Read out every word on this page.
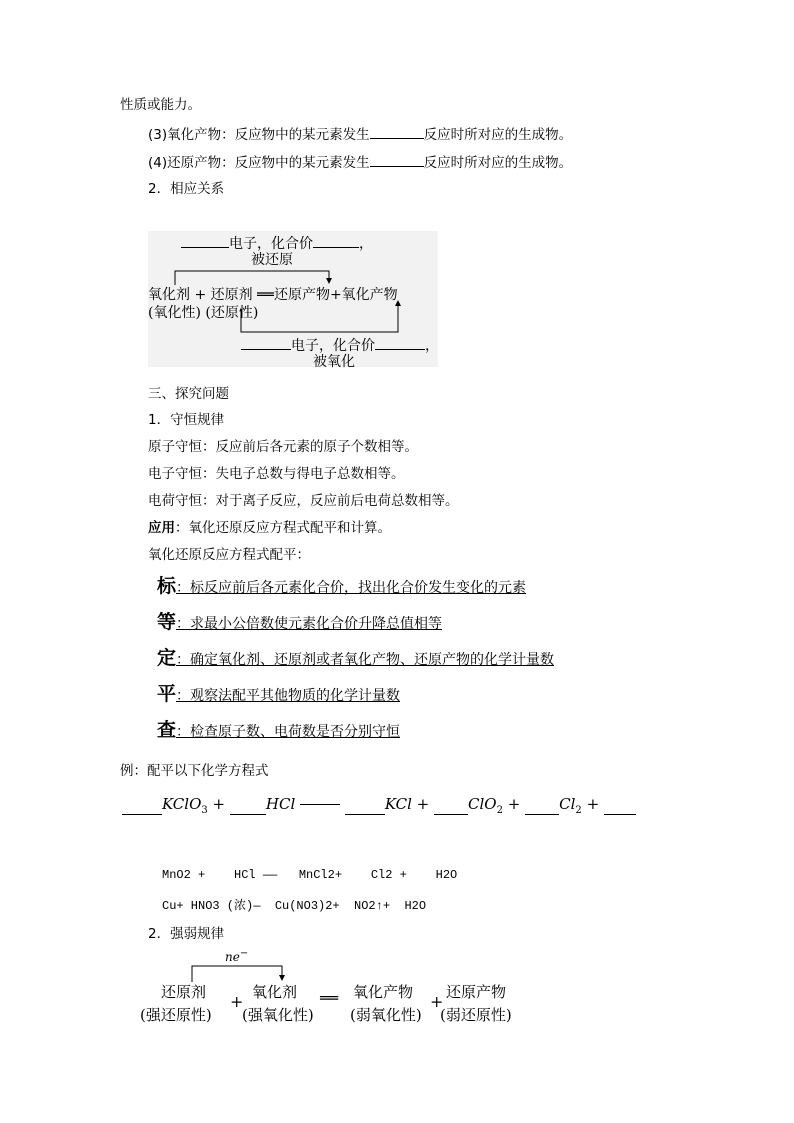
性质或能力。
(3)氧化产物：反应物中的某元素发生	反应时所对应的生成物。
(4)还原产物：反应物中的某元素发生	反应时所对应的生成物。
2．相应关系
电子，化合价	，
被还原
氧化剂 + 还原剂 ══还原产物+氧化产物
(氧化性) (还原性)
电子，化合价	，
被氧化
三、探究问题
1．守恒规律
原子守恒：反应前后各元素的原子个数相等。
电子守恒：失电子总数与得电子总数相等。
电荷守恒：对于离子反应，反应前后电荷总数相等。
应用：氧化还原反应方程式配平和计算。
氧化还原反应方程式配平：
标：标反应前后各元素化合价，找出化合价发生变化的元素
等：求最小公倍数使元素化合价升降总值相等
定：确定氧化剂、还原剂或者氧化产物、还原产物的化学计量数
平：观察法配平其他物质的化学计量数
查：检查原子数、电荷数是否分别守恒
例：配平以下化学方程式
KClO$_3$ +	HCl	KCl +	ClO$_2$ +	$Cl_2$ +
MnO2 +    HCl ——   MnCl2+    Cl2 +    H2O
Cu+ HNO3 (浓)—  Cu(NO3)2+  NO2↑+  H2O
2．强弱规律
ne−
还原剂
(强还原性)
+ 氧化剂
(强氧化性)
══ 氧化产物
(弱氧化性)
+ 还原产物
(弱还原性)
